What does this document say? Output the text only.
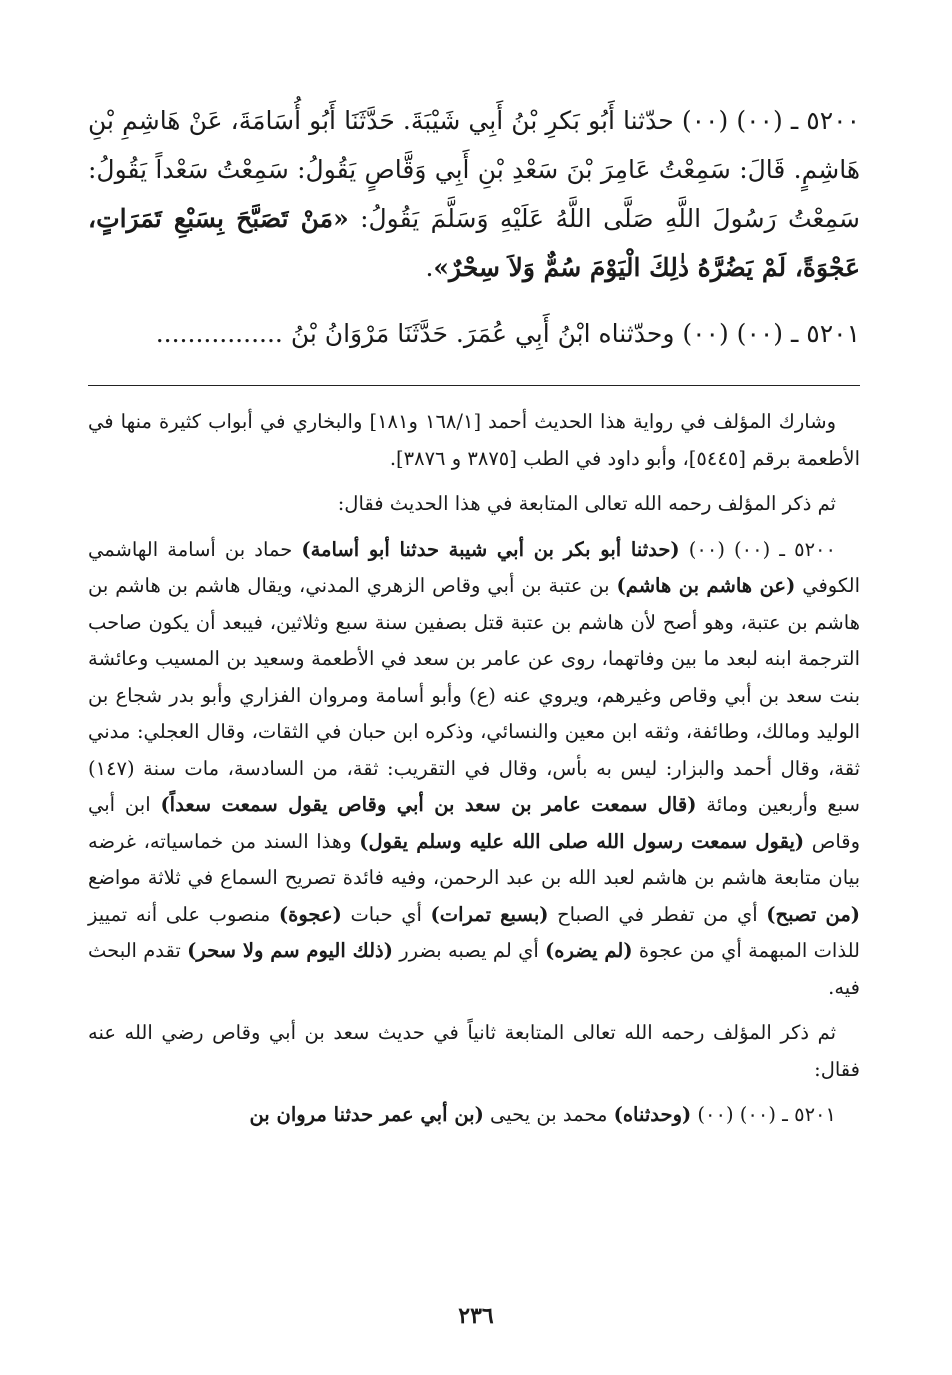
٥٢٠٠ ـ (٠٠) (٠٠) حدّثنا أَبُو بَكرِ بْنُ أَبِي شَيْبَةَ. حَدَّثَنَا أَبُو أُسَامَةَ، عَنْ هَاشِمِ بْنِ هَاشِمٍ. قَالَ: سَمِعْتُ عَامِرَ بْنَ سَعْدِ بْنِ أَبِي وَقَّاصٍ يَقُولُ: سَمِعْتُ سَعْداً يَقُولُ: سَمِعْتُ رَسُولَ اللَّهِ صَلَّى اللَّهُ عَلَيْهِ وَسَلَّمَ يَقُولُ: «مَنْ تَصَبَّحَ بِسَبْعِ تَمَرَاتٍ، عَجْوَةً، لَمْ يَضُرَّهُ ذٰلِكَ الْيَوْمَ سُمٌّ وَلاَ سِحْرٌ».

٥٢٠١ ـ (٠٠) (٠٠) وحدّثناه ابْنُ أَبِي عُمَرَ. حَدَّثَنَا مَرْوَانُ بْنُ ................

وشارك المؤلف في رواية هذا الحديث أحمد [١٦٨/١ و١٨١] والبخاري في أبواب كثيرة منها في الأطعمة برقم [٥٤٤٥]، وأبو داود في الطب [٣٨٧٥ و ٣٨٧٦].

ثم ذكر المؤلف رحمه الله تعالى المتابعة في هذا الحديث فقال:

٥٢٠٠ ـ (٠٠) (٠٠) (حدثنا أبو بكر بن أبي شيبة حدثنا أبو أسامة) حماد بن أسامة الهاشمي الكوفي (عن هاشم بن هاشم) بن عتبة بن أبي وقاص الزهري المدني، ويقال هاشم بن هاشم بن هاشم بن عتبة، وهو أصح لأن هاشم بن عتبة قتل بصفين سنة سبع وثلاثين، فيبعد أن يكون صاحب الترجمة ابنه لبعد ما بين وفاتهما، روى عن عامر بن سعد في الأطعمة وسعيد بن المسيب وعائشة بنت سعد بن أبي وقاص وغيرهم، ويروي عنه (ع) وأبو أسامة ومروان الفزاري وأبو بدر شجاع بن الوليد ومالك، وطائفة، وثقه ابن معين والنسائي، وذكره ابن حبان في الثقات، وقال العجلي: مدني ثقة، وقال أحمد والبزار: ليس به بأس، وقال في التقريب: ثقة، من السادسة، مات سنة (١٤٧) سبع وأربعين ومائة (قال سمعت عامر بن سعد بن أبي وقاص يقول سمعت سعداً) ابن أبي وقاص (يقول سمعت رسول الله صلى الله عليه وسلم يقول) وهذا السند من خماسياته، غرضه بيان متابعة هاشم بن هاشم لعبد الله بن عبد الرحمن، وفيه فائدة تصريح السماع في ثلاثة مواضع (من تصبح) أي من تفطر في الصباح (بسبع تمرات) أي حبات (عجوة) منصوب على أنه تمييز للذات المبهمة أي من عجوة (لم يضره) أي لم يصبه بضرر (ذلك اليوم سم ولا سحر) تقدم البحث فيه.

ثم ذكر المؤلف رحمه الله تعالى المتابعة ثانياً في حديث سعد بن أبي وقاص رضي الله عنه فقال:

٥٢٠١ ـ (٠٠) (٠٠) (وحدثناه) محمد بن يحيى (بن أبي عمر حدثنا مروان بن

٢٣٦
